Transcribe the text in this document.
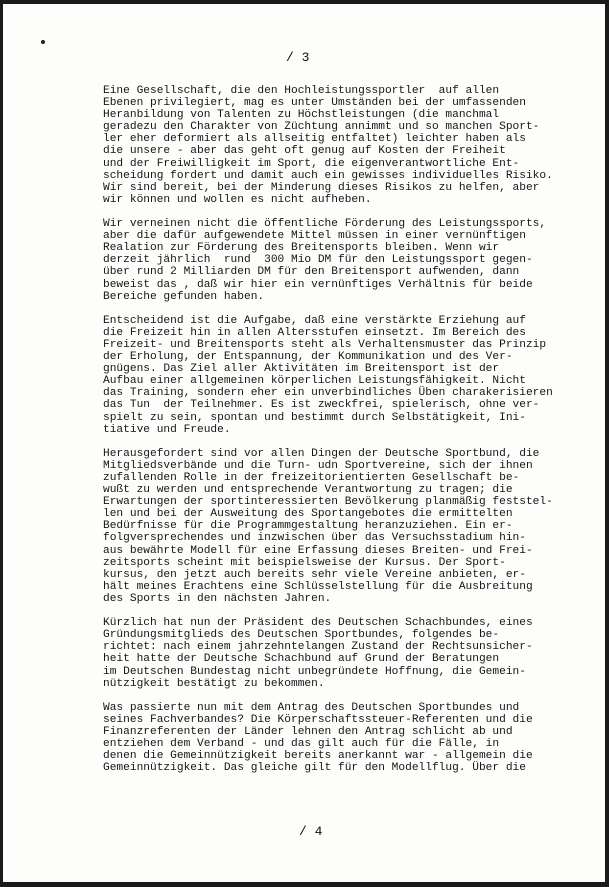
/ 3
Eine Gesellschaft, die den Hochleistungssportler  auf allen
Ebenen privilegiert, mag es unter Umständen bei der umfassenden
Heranbildung von Talenten zu Höchstleistungen (die manchmal
geradezu den Charakter von Züchtung annimmt und so manchen Sport-
ler eher deformiert als allseitig entfaltet) leichter haben als
die unsere - aber das geht oft genug auf Kosten der Freiheit
und der Freiwilligkeit im Sport, die eigenverantwortliche Ent-
scheidung fordert und damit auch ein gewisses individuelles Risiko.
Wir sind bereit, bei der Minderung dieses Risikos zu helfen, aber
wir können und wollen es nicht aufheben.
Wir verneinen nicht die öffentliche Förderung des Leistungssports,
aber die dafür aufgewendete Mittel müssen in einer vernünftigen
Realation zur Förderung des Breitensports bleiben. Wenn wir
derzeit jährlich  rund  300 Mio DM für den Leistungssport gegen-
über rund 2 Milliarden DM für den Breitensport aufwenden, dann
beweist das , daß wir hier ein vernünftiges Verhältnis für beide
Bereiche gefunden haben.
Entscheidend ist die Aufgabe, daß eine verstärkte Erziehung auf
die Freizeit hin in allen Altersstufen einsetzt. Im Bereich des
Freizeit- und Breitensports steht als Verhaltensmuster das Prinzip
der Erholung, der Entspannung, der Kommunikation und des Ver-
gnügens. Das Ziel aller Aktivitäten im Breitensport ist der
Aufbau einer allgemeinen körperlichen Leistungsfähigkeit. Nicht
das Training, sondern eher ein unverbindliches Üben charakerisieren
das Tun  der Teilnehmer. Es ist zweckfrei, spielerisch, ohne ver-
spielt zu sein, spontan und bestimmt durch Selbstätigkeit, Ini-
tiative und Freude.
Herausgefordert sind vor allen Dingen der Deutsche Sportbund, die
Mitgliedsverbände und die Turn- udn Sportvereine, sich der ihnen
zufallenden Rolle in der freizeitorientierten Gesellschaft be-
wußt zu werden und entsprechende Verantwortung zu tragen; die
Erwartungen der sportinteressierten Bevölkerung planmäßig feststel-
len und bei der Ausweitung des Sportangebotes die ermittelten
Bedürfnisse für die Programmgestaltung heranzuziehen. Ein er-
folgversprechendes und inzwischen über das Versuchsstadium hin-
aus bewährte Modell für eine Erfassung dieses Breiten- und Frei-
zeitsports scheint mit beispielsweise der Kursus. Der Sport-
kursus, den jetzt auch bereits sehr viele Vereine anbieten, er-
hält meines Erachtens eine Schlüsselstellung für die Ausbreitung
des Sports in den nächsten Jahren.
Kürzlich hat nun der Präsident des Deutschen Schachbundes, eines
Gründungsmitglieds des Deutschen Sportbundes, folgendes be-
richtet: nach einem jahrzehntelangen Zustand der Rechtsunsicher-
heit hatte der Deutsche Schachbund auf Grund der Beratungen
im Deutschen Bundestag nicht unbegründete Hoffnung, die Gemein-
nützigkeit bestätigt zu bekommen.
Was passierte nun mit dem Antrag des Deutschen Sportbundes und
seines Fachverbandes? Die Körperschaftssteuer-Referenten und die
Finanzreferenten der Länder lehnen den Antrag schlicht ab und
entziehen dem Verband - und das gilt auch für die Fälle, in
denen die Gemeinnützigkeit bereits anerkannt war - allgemein die
Gemeinnützigkeit. Das gleiche gilt für den Modellflug. Über die
/ 4
